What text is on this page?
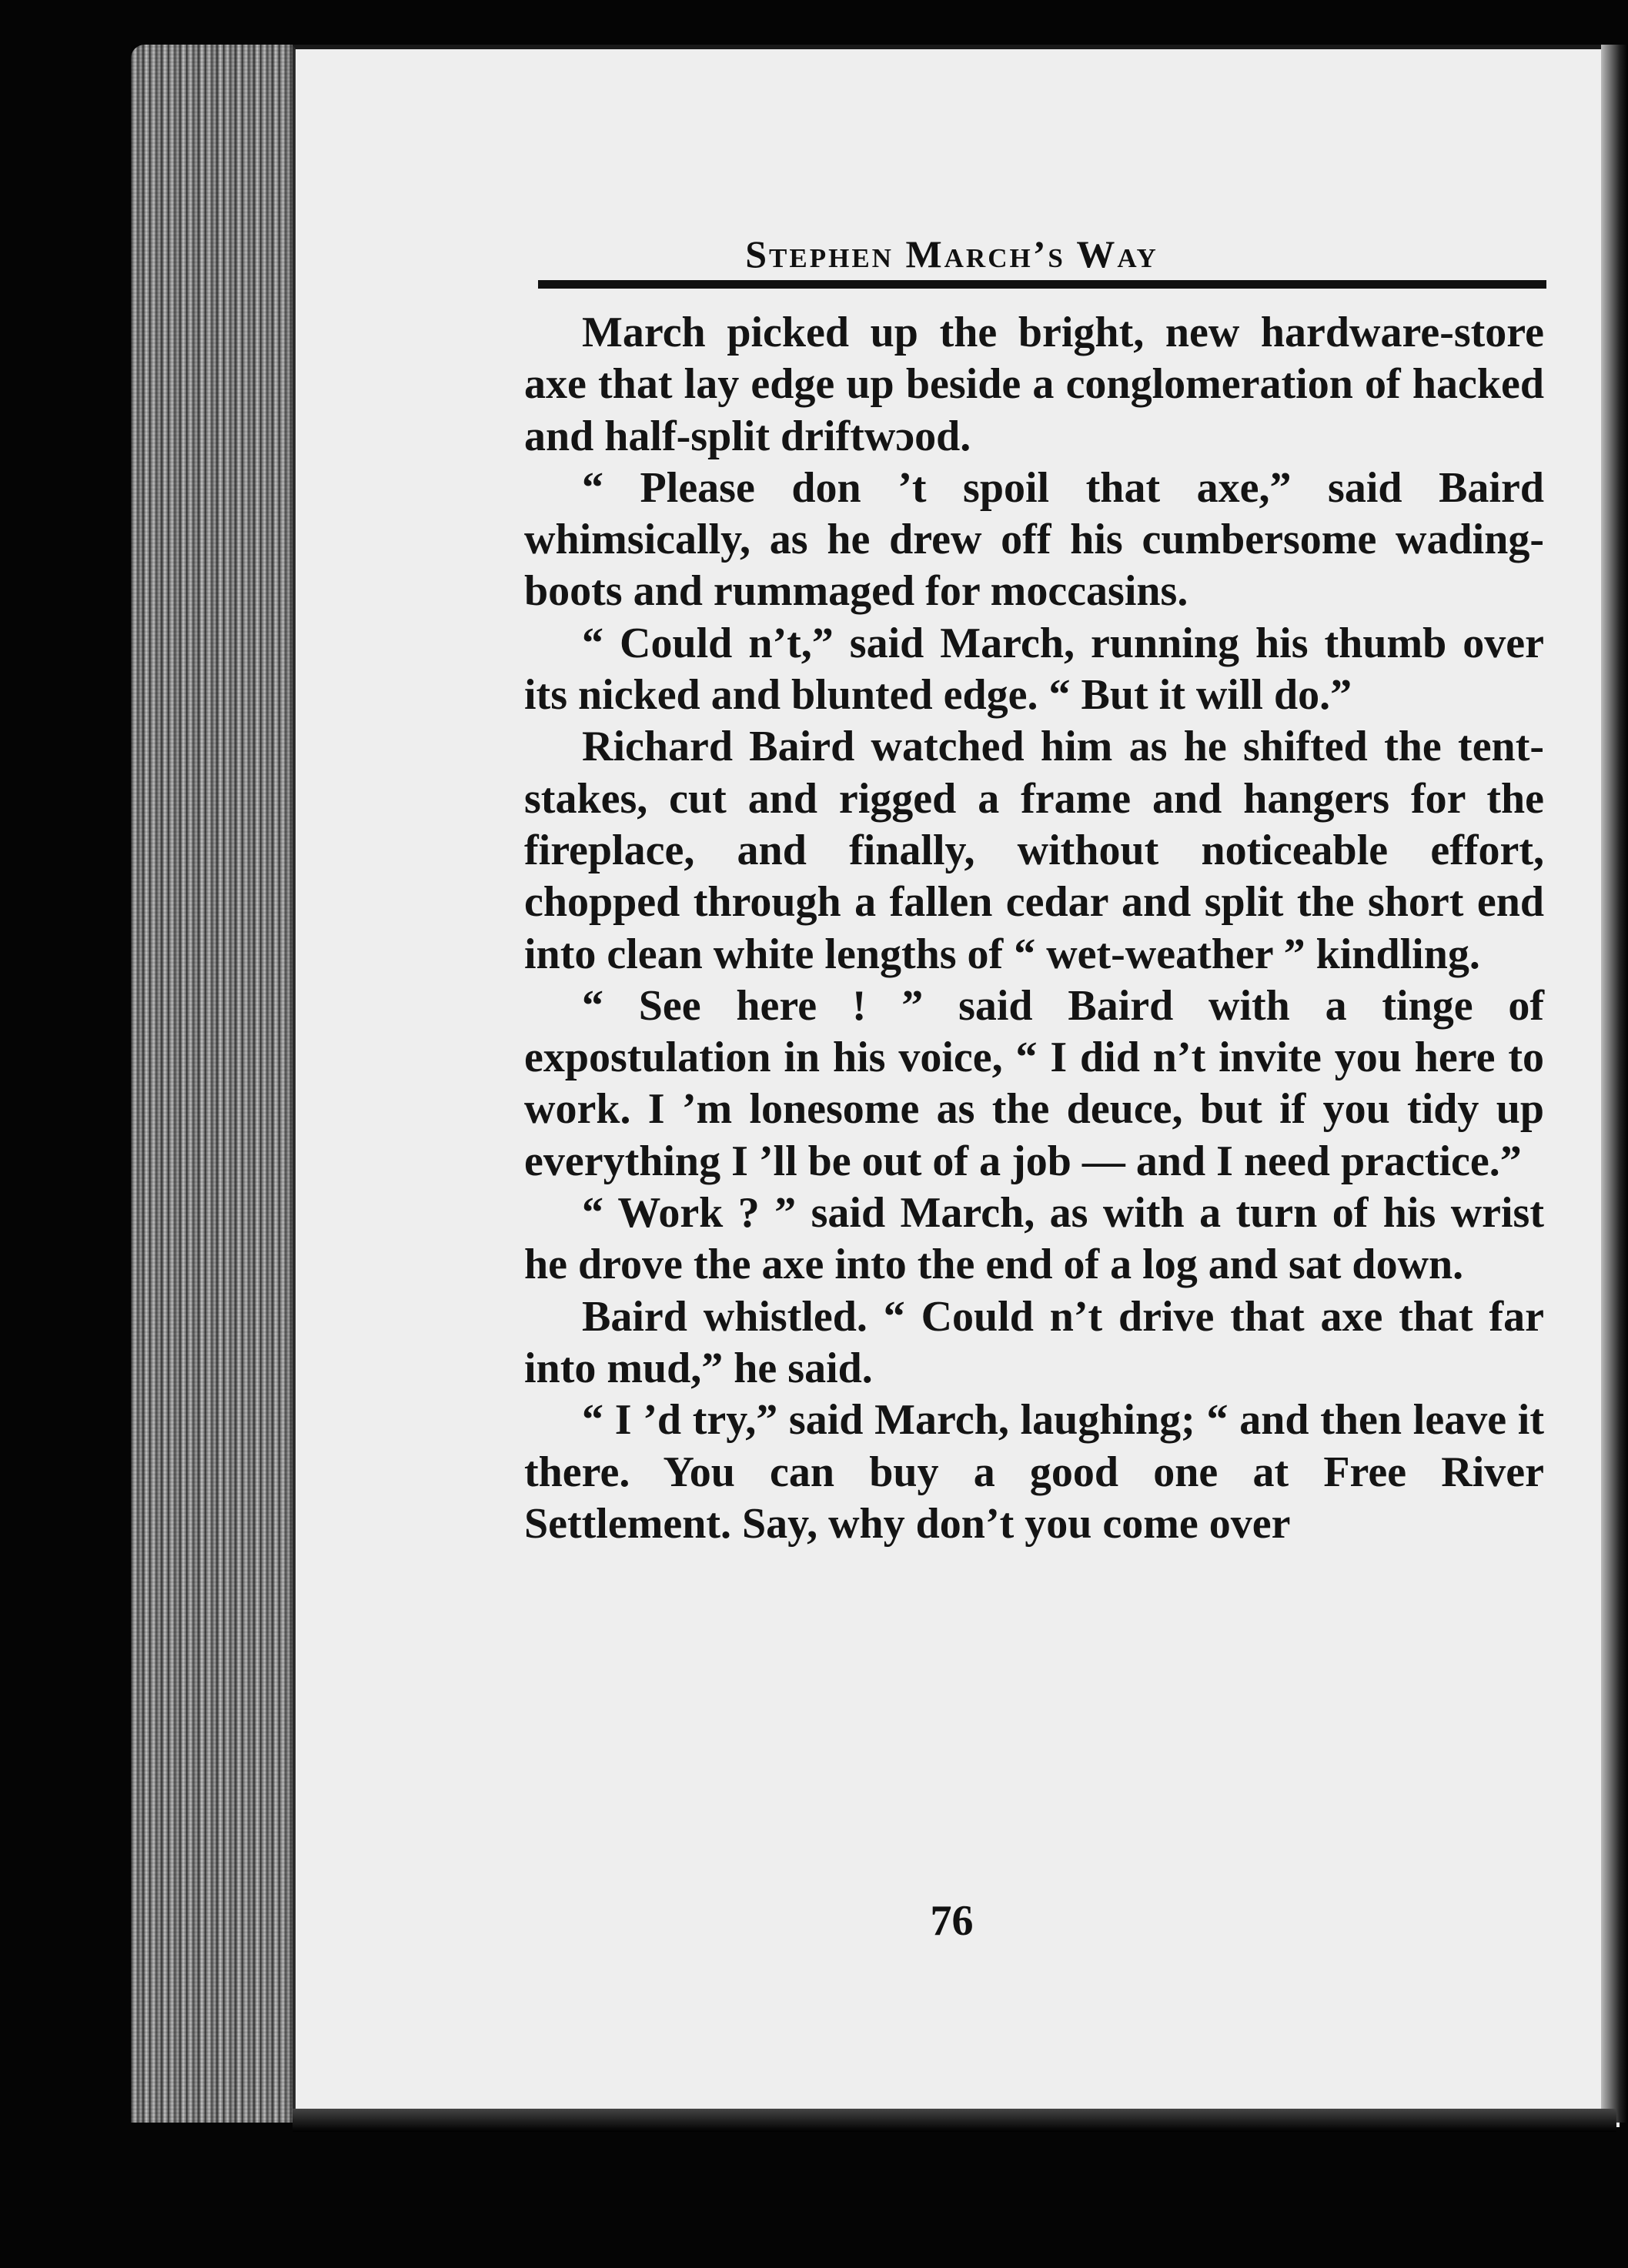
Stephen March’s Way

March picked up the bright, new hardware-store axe that lay edge up beside a conglomeration of hacked and half-split driftwɔod.

“ Please don ’t spoil that axe,” said Baird whimsically, as he drew off his cumbersome wading-boots and rummaged for moccasins.

“ Could n’t,” said March, running his thumb over its nicked and blunted edge. “ But it will do.”

Richard Baird watched him as he shifted the tent-stakes, cut and rigged a frame and hangers for the fireplace, and finally, without noticeable effort, chopped through a fallen cedar and split the short end into clean white lengths of “ wet-weather ” kindling.

“ See here ! ” said Baird with a tinge of expostulation in his voice, “ I did n’t invite you here to work. I ’m lonesome as the deuce, but if you tidy up everything I ’ll be out of a job — and I need practice.”

“ Work ? ” said March, as with a turn of his wrist he drove the axe into the end of a log and sat down.

Baird whistled. “ Could n’t drive that axe that far into mud,” he said.

“ I ’d try,” said March, laughing; “ and then leave it there. You can buy a good one at Free River Settlement. Say, why don’t you come over

76
